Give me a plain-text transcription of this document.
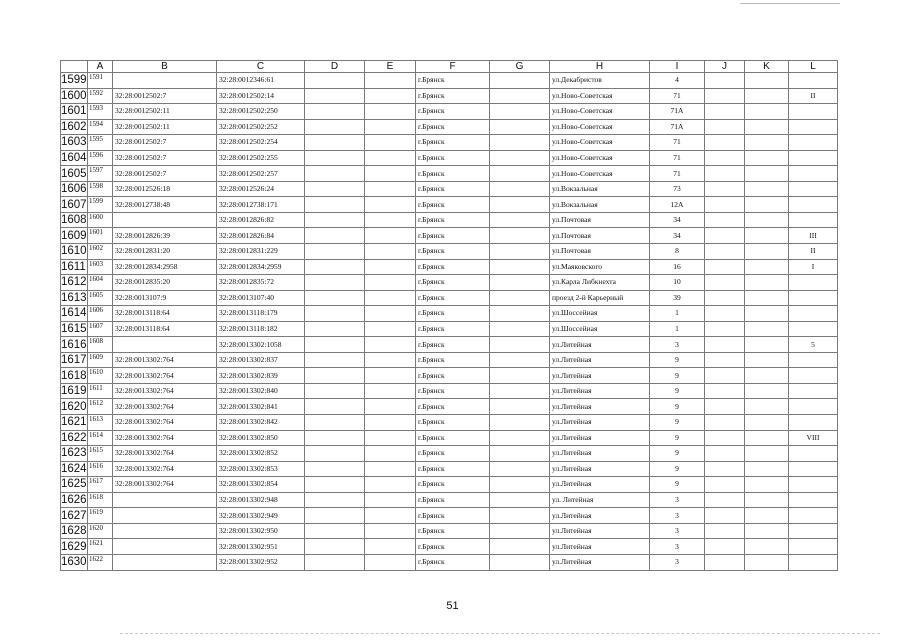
	A	B	C	D	E	F	G	H	I	J	K	L
1599	1591		32:28:0012346:61			г.Брянск		ул.Декабристов	4			
1600	1592	32:28:0012502:7	32:28:0012502:14			г.Брянск		ул.Ново-Советская	71			II
1601	1593	32:28:0012502:11	32:28:0012502:250			г.Брянск		ул.Ново-Советская	71А			
1602	1594	32:28:0012502:11	32:28:0012502:252			г.Брянск		ул.Ново-Советская	71А			
1603	1595	32:28:0012502:7	32:28:0012502:254			г.Брянск		ул.Ново-Советская	71			
1604	1596	32:28:0012502:7	32:28:0012502:255			г.Брянск		ул.Ново-Советская	71			
1605	1597	32:28:0012502:7	32:28:0012502:257			г.Брянск		ул.Ново-Советская	71			
1606	1598	32:28:0012526:18	32:28:0012526:24			г.Брянск		ул.Вокзальная	73			
1607	1599	32:28:0012738:48	32:28:0012738:171			г.Брянск		ул.Вокзальная	12А			
1608	1600		32:28:0012826:82			г.Брянск		ул.Почтовая	34			
1609	1601	32:28:0012826:39	32:28:0012826:84			г.Брянск		ул.Почтовая	34			III
1610	1602	32:28:0012831:20	32:28:0012831:229			г.Брянск		ул.Почтовая	8			II
1611	1603	32:28:0012834:2958	32:28:0012834:2959			г.Брянск		ул.Маяковского	16			I
1612	1604	32:28:0012835:20	32:28:0012835:72			г.Брянск		ул.Карла Либкнехта	10			
1613	1605	32:28:0013107:9	32:28:0013107:40			г.Брянск		проезд 2-й Карьерный	39			
1614	1606	32:28:0013118:64	32:28:0013118:179			г.Брянск		ул.Шоссейная	1			
1615	1607	32:28:0013118:64	32:28:0013118:182			г.Брянск		ул.Шоссейная	1			
1616	1608		32:28:0013302:1058			г.Брянск		ул.Литейная	3			5
1617	1609	32:28:0013302:764	32:28:0013302:837			г.Брянск		ул.Литейная	9			
1618	1610	32:28:0013302:764	32:28:0013302:839			г.Брянск		ул.Литейная	9			
1619	1611	32:28:0013302:764	32:28:0013302:840			г.Брянск		ул.Литейная	9			
1620	1612	32:28:0013302:764	32:28:0013302:841			г.Брянск		ул.Литейная	9			
1621	1613	32:28:0013302:764	32:28:0013302:842			г.Брянск		ул.Литейная	9			
1622	1614	32:28:0013302:764	32:28:0013302:850			г.Брянск		ул.Литейная	9			VIII
1623	1615	32:28:0013302:764	32:28:0013302:852			г.Брянск		ул.Литейная	9			
1624	1616	32:28:0013302:764	32:28:0013302:853			г.Брянск		ул.Литейная	9			
1625	1617	32:28:0013302:764	32:28:0013302:854			г.Брянск		ул.Литейная	9			
1626	1618		32:28:0013302:948			г.Брянск		ул. Литейная	3			
1627	1619		32:28:0013302:949			г.Брянск		ул.Литейная	3			
1628	1620		32:28:0013302:950			г.Брянск		ул.Литейная	3			
1629	1621		32:28:0013302:951			г.Брянск		ул.Литейная	3			
1630	1622		32:28:0013302:952			г.Брянск		ул.Литейная	3			
51
